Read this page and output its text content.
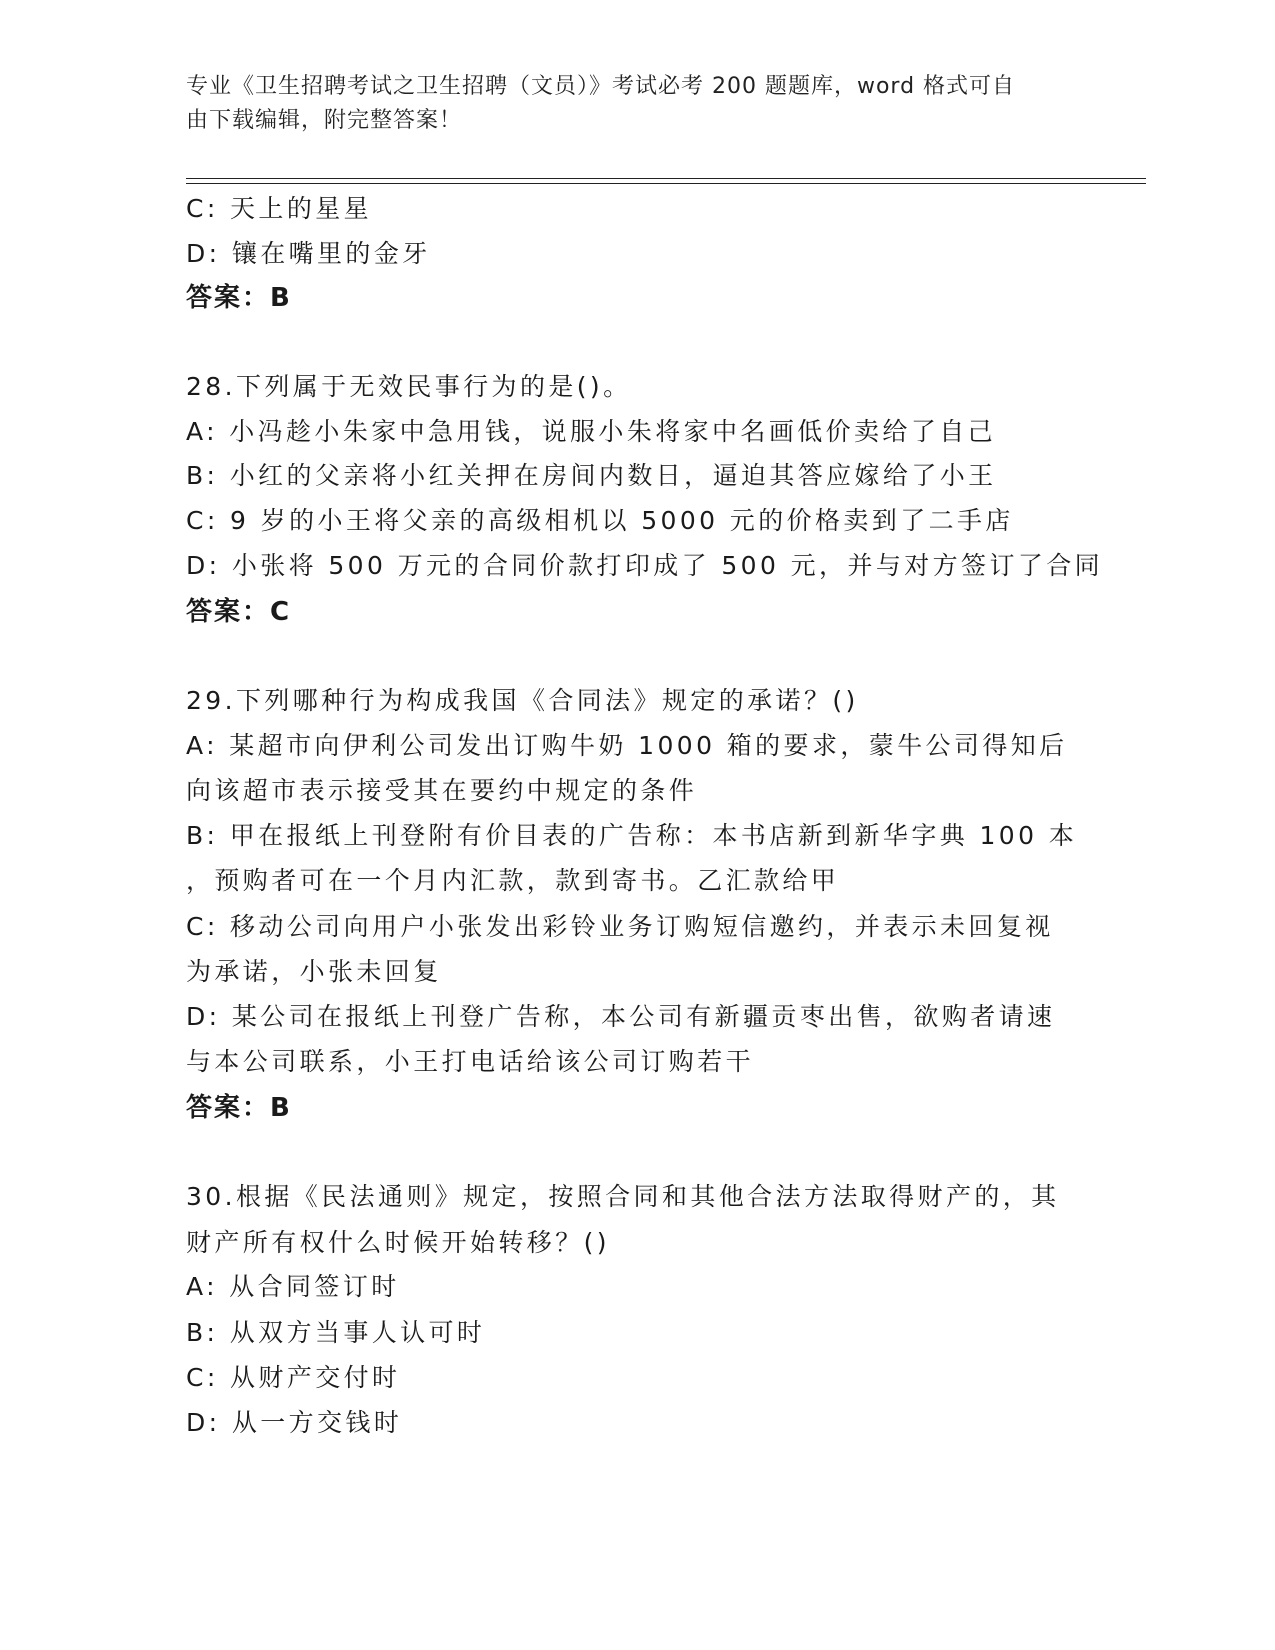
专业《卫生招聘考试之卫生招聘（文员）》考试必考 200 题题库，word 格式可自
由下载编辑，附完整答案！
C: 天上的星星
D: 镶在嘴里的金牙
答案：B
28.下列属于无效民事行为的是()。
A: 小冯趁小朱家中急用钱，说服小朱将家中名画低价卖给了自己
B: 小红的父亲将小红关押在房间内数日，逼迫其答应嫁给了小王
C: 9 岁的小王将父亲的高级相机以 5000 元的价格卖到了二手店
D: 小张将 500 万元的合同价款打印成了 500 元，并与对方签订了合同
答案：C
29.下列哪种行为构成我国《合同法》规定的承诺？()
A: 某超市向伊利公司发出订购牛奶 1000 箱的要求，蒙牛公司得知后
向该超市表示接受其在要约中规定的条件
B: 甲在报纸上刊登附有价目表的广告称：本书店新到新华字典 100 本
，预购者可在一个月内汇款，款到寄书。乙汇款给甲
C: 移动公司向用户小张发出彩铃业务订购短信邀约，并表示未回复视
为承诺，小张未回复
D: 某公司在报纸上刊登广告称，本公司有新疆贡枣出售，欲购者请速
与本公司联系，小王打电话给该公司订购若干
答案：B
30.根据《民法通则》规定，按照合同和其他合法方法取得财产的，其
财产所有权什么时候开始转移？()
A: 从合同签订时
B: 从双方当事人认可时
C: 从财产交付时
D: 从一方交钱时
